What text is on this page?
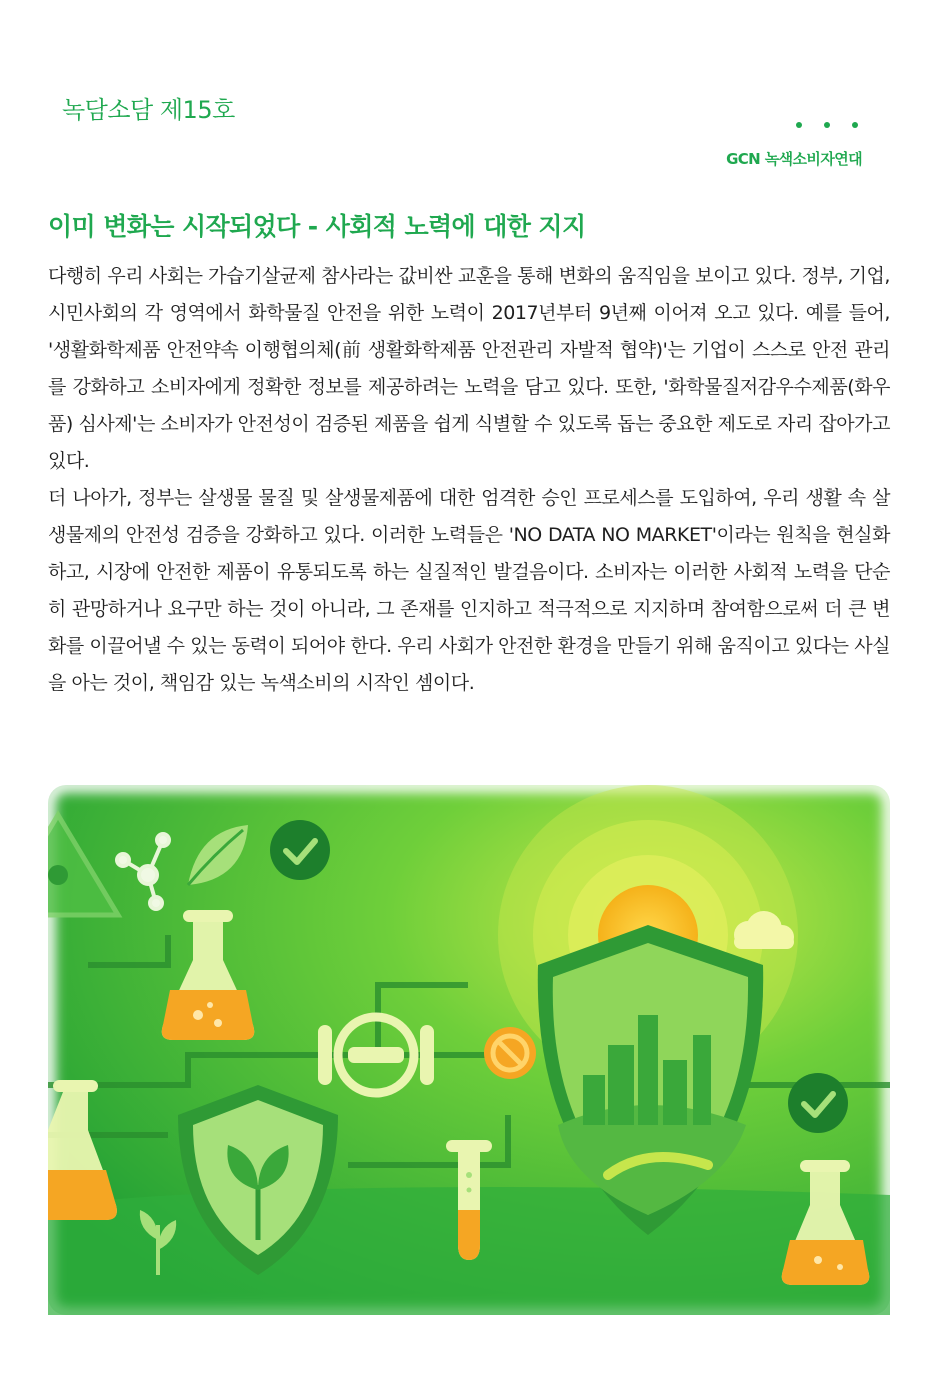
녹담소담 제15호
GCN 녹색소비자연대
이미 변화는 시작되었다 - 사회적 노력에 대한 지지

다행히 우리 사회는 가습기살균제 참사라는 값비싼 교훈을 통해 변화의 움직임을 보이고 있다. 정부, 기업, 시민사회의 각 영역에서 화학물질 안전을 위한 노력이 2017년부터 9년째 이어져 오고 있다. 예를 들어, '생활화학제품 안전약속 이행협의체(前 생활화학제품 안전관리 자발적 협약)'는 기업이 스스로 안전 관리를 강화하고 소비자에게 정확한 정보를 제공하려는 노력을 담고 있다. 또한, '화학물질저감우수제품(화우품) 심사제'는 소비자가 안전성이 검증된 제품을 쉽게 식별할 수 있도록 돕는 중요한 제도로 자리 잡아가고 있다.

더 나아가, 정부는 살생물 물질 및 살생물제품에 대한 엄격한 승인 프로세스를 도입하여, 우리 생활 속 살생물제의 안전성 검증을 강화하고 있다. 이러한 노력들은 'NO DATA NO MARKET'이라는 원칙을 현실화하고, 시장에 안전한 제품이 유통되도록 하는 실질적인 발걸음이다. 소비자는 이러한 사회적 노력을 단순히 관망하거나 요구만 하는 것이 아니라, 그 존재를 인지하고 적극적으로 지지하며 참여함으로써 더 큰 변화를 이끌어낼 수 있는 동력이 되어야 한다. 우리 사회가 안전한 환경을 만들기 위해 움직이고 있다는 사실을 아는 것이, 책임감 있는 녹색소비의 시작인 셈이다.
